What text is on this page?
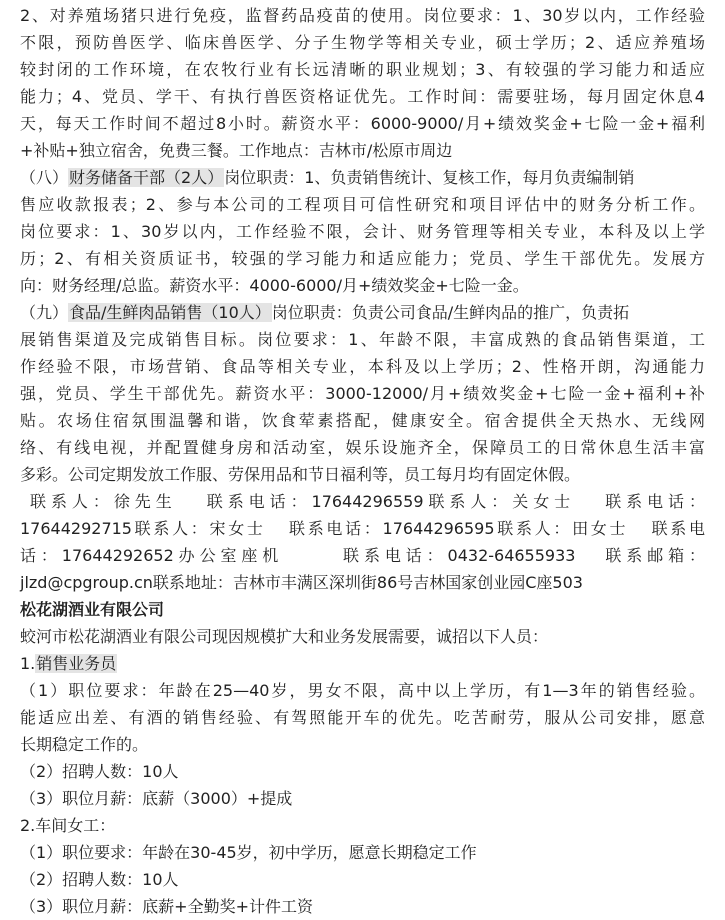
2、对养殖场猪只进行免疫，监督药品疫苗的使用。岗位要求：1、30岁以内，工作经验
不限，预防兽医学、临床兽医学、分子生物学等相关专业，硕士学历；2、适应养殖场
较封闭的工作环境，在农牧行业有长远清晰的职业规划；3、有较强的学习能力和适应
能力；4、党员、学干、有执行兽医资格证优先。工作时间：需要驻场，每月固定休息4
天，每天工作时间不超过8小时。薪资水平：6000-9000/月+绩效奖金+七险一金+福利
+补贴+独立宿舍，免费三餐。工作地点：吉林市/松原市周边
（八）财务储备干部（2人）岗位职责：1、负责销售统计、复核工作，每月负责编制销
售应收款报表；2、参与本公司的工程项目可信性研究和项目评估中的财务分析工作。
岗位要求：1、30岁以内，工作经验不限，会计、财务管理等相关专业，本科及以上学
历；2、有相关资质证书，较强的学习能力和适应能力；党员、学生干部优先。发展方
向：财务经理/总监。薪资水平：4000-6000/月+绩效奖金+七险一金。
（九）食品/生鲜肉品销售（10人）岗位职责：负责公司食品/生鲜肉品的推广，负责拓
展销售渠道及完成销售目标。岗位要求：1、年龄不限，丰富成熟的食品销售渠道，工
作经验不限，市场营销、食品等相关专业，本科及以上学历；2、性格开朗，沟通能力
强，党员、学生干部优先。薪资水平：3000-12000/月+绩效奖金+七险一金+福利+补
贴。农场住宿氛围温馨和谐，饮食荤素搭配，健康安全。宿舍提供全天热水、无线网
络、有线电视，并配置健身房和活动室，娱乐设施齐全，保障员工的日常休息生活丰富
多彩。公司定期发放工作服、劳保用品和节日福利等，员工每月均有固定休假。
联系人：徐先生   联系电话：17644296559联系人：关女士   联系电话：
17644292715联系人：宋女士   联系电话：17644296595联系人：田女士   联系电
话：17644292652办公室座机      联系电话：0432-64655933   联系邮箱：
jlzd@cpgroup.cn联系地址：吉林市丰满区深圳街86号吉林国家创业园C座503
松花湖酒业有限公司
蛟河市松花湖酒业有限公司现因规模扩大和业务发展需要，诚招以下人员：
1.销售业务员
（1）职位要求：年龄在25—40岁，男女不限，高中以上学历，有1—3年的销售经验。
能适应出差、有酒的销售经验、有驾照能开车的优先。吃苦耐劳，服从公司安排，愿意
长期稳定工作的。
（2）招聘人数：10人
（3）职位月薪：底薪（3000）+提成
2.车间女工：
（1）职位要求：年龄在30-45岁，初中学历，愿意长期稳定工作
（2）招聘人数：10人
（3）职位月薪：底薪+全勤奖+计件工资
